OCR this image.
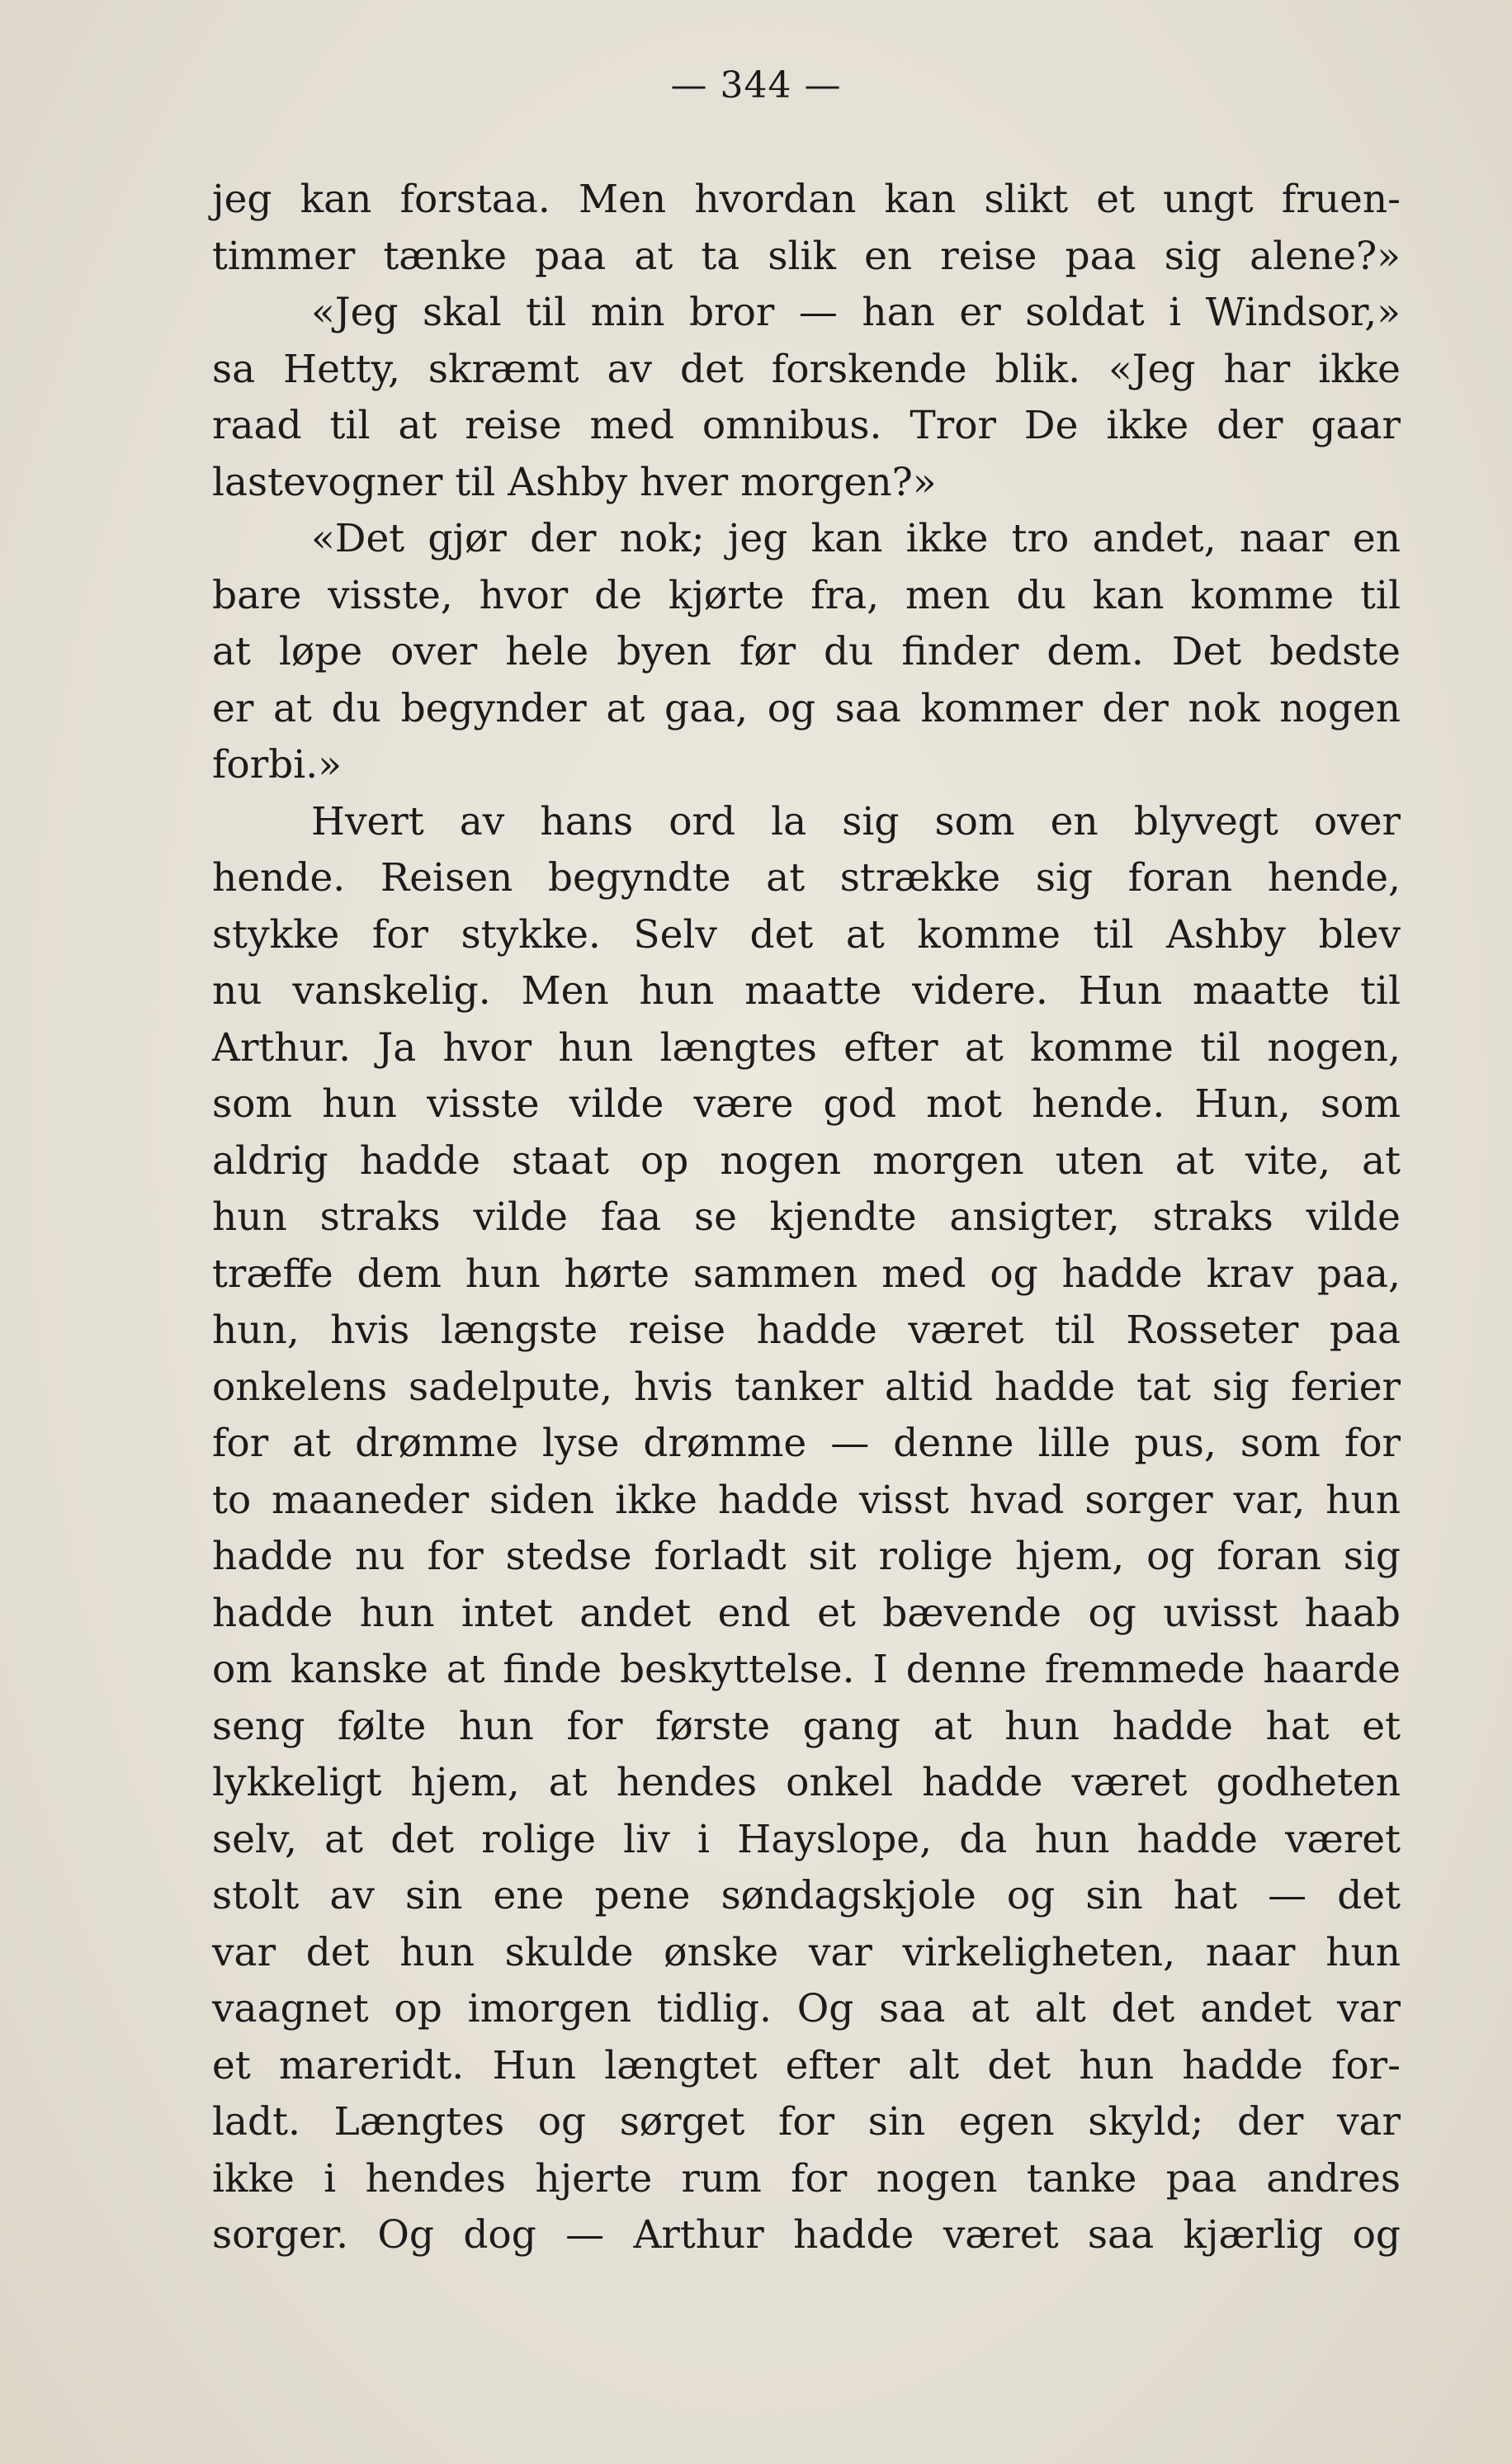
— 344 —
jeg kan forstaa. Men hvordan kan slikt et ungt fruen-
timmer tænke paa at ta slik en reise paa sig alene?»
«Jeg skal til min bror — han er soldat i Windsor,»
sa Hetty, skræmt av det forskende blik. «Jeg har ikke
raad til at reise med omnibus. Tror De ikke der gaar
lastevogner til Ashby hver morgen?»
«Det gjør der nok; jeg kan ikke tro andet, naar en
bare visste, hvor de kjørte fra, men du kan komme til
at løpe over hele byen før du finder dem. Det bedste
er at du begynder at gaa, og saa kommer der nok nogen
forbi.»
Hvert av hans ord la sig som en blyvegt over
hende. Reisen begyndte at strække sig foran hende,
stykke for stykke. Selv det at komme til Ashby blev
nu vanskelig. Men hun maatte videre. Hun maatte til
Arthur. Ja hvor hun længtes efter at komme til nogen,
som hun visste vilde være god mot hende. Hun, som
aldrig hadde staat op nogen morgen uten at vite, at
hun straks vilde faa se kjendte ansigter, straks vilde
træffe dem hun hørte sammen med og hadde krav paa,
hun, hvis længste reise hadde været til Rosseter paa
onkelens sadelpute, hvis tanker altid hadde tat sig ferier
for at drømme lyse drømme — denne lille pus, som for
to maaneder siden ikke hadde visst hvad sorger var, hun
hadde nu for stedse forladt sit rolige hjem, og foran sig
hadde hun intet andet end et bævende og uvisst haab
om kanske at finde beskyttelse. I denne fremmede haarde
seng følte hun for første gang at hun hadde hat et
lykkeligt hjem, at hendes onkel hadde været godheten
selv, at det rolige liv i Hayslope, da hun hadde været
stolt av sin ene pene søndagskjole og sin hat — det
var det hun skulde ønske var virkeligheten, naar hun
vaagnet op imorgen tidlig. Og saa at alt det andet var
et mareridt. Hun længtet efter alt det hun hadde for-
ladt. Længtes og sørget for sin egen skyld; der var
ikke i hendes hjerte rum for nogen tanke paa andres
sorger. Og dog — Arthur hadde været saa kjærlig og
